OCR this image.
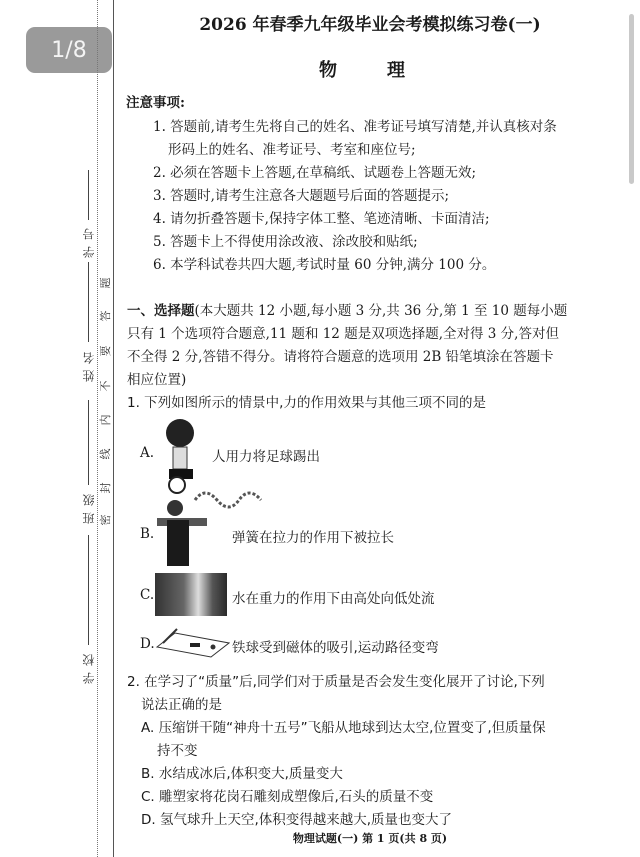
1/8
学号
姓名
班级
学校
密
封
线
内
不
要
答
题
2026 年春季九年级毕业会考模拟练习卷(一)
物　理
注意事项:
1. 答题前,请考生先将自己的姓名、准考证号填写清楚,并认真核对条
形码上的姓名、准考证号、考室和座位号;
2. 必须在答题卡上答题,在草稿纸、试题卷上答题无效;
3. 答题时,请考生注意各大题题号后面的答题提示;
4. 请勿折叠答题卡,保持字体工整、笔迹清晰、卡面清洁;
5. 答题卡上不得使用涂改液、涂改胶和贴纸;
6. 本学科试卷共四大题,考试时量 60 分钟,满分 100 分。
一、选择题(本大题共 12 小题,每小题 3 分,共 36 分,第 1 至 10 题每小题
只有 1 个选项符合题意,11 题和 12 题是双项选择题,全对得 3 分,答对但
不全得 2 分,答错不得分。请将符合题意的选项用 2B 铅笔填涂在答题卡
相应位置)
1. 下列如图所示的情景中,力的作用效果与其他三项不同的是
A.	人用力将足球踢出
B.	弹簧在拉力的作用下被拉长
C.	水在重力的作用下由高处向低处流
D.	铁球受到磁体的吸引,运动路径变弯
2. 在学习了“质量”后,同学们对于质量是否会发生变化展开了讨论,下列
说法正确的是
A. 压缩饼干随“神舟十五号”飞船从地球到达太空,位置变了,但质量保
持不变
B. 水结成冰后,体积变大,质量变大
C. 雕塑家将花岗石雕刻成塑像后,石头的质量不变
D. 氢气球升上天空,体积变得越来越大,质量也变大了
物理试题(一) 第 1 页(共 8 页)
